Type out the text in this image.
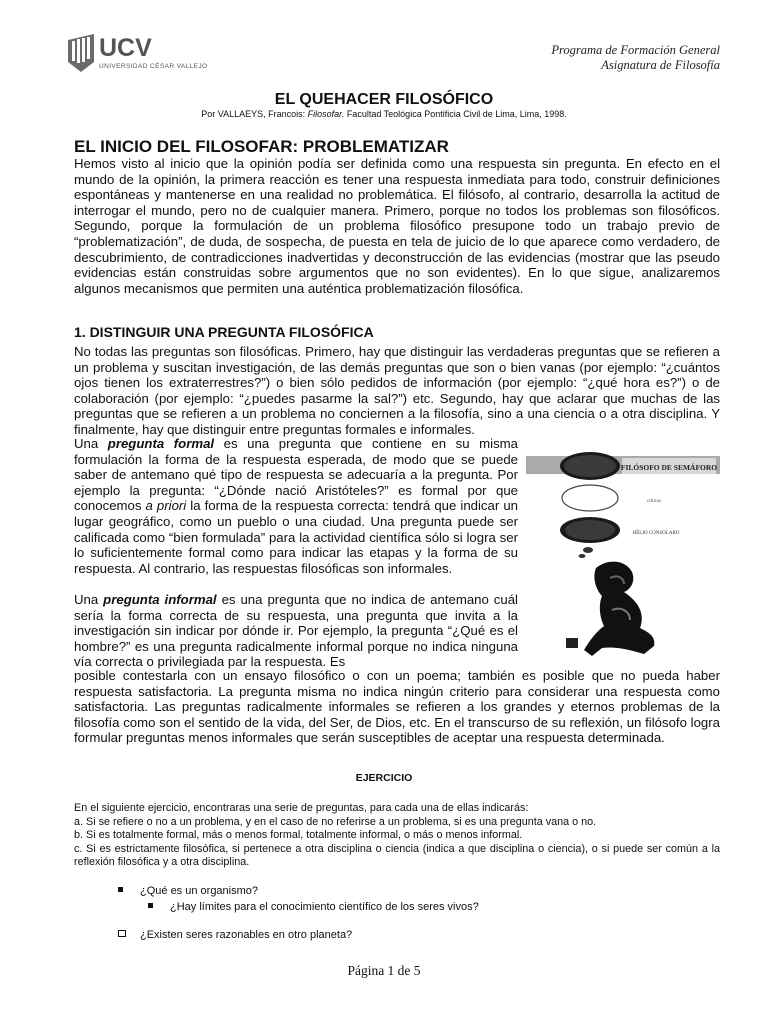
UCV
UNIVERSIDAD CÉSAR VALLEJO
Programa de Formación General
Asignatura de Filosofía
EL QUEHACER FILOSÓFICO
Por VALLAEYS, Francois: Filosofar. Facultad Teológica Pontificia Civil de Lima, Lima, 1998.
EL INICIO DEL FILOSOFAR: PROBLEMATIZAR

Hemos visto al inicio que la opinión podía ser definida como una respuesta sin pregunta. En efecto en el mundo de la opinión, la primera reacción es tener una respuesta inmediata para todo, construir definiciones espontáneas y mantenerse en una realidad no problemática. El filósofo, al contrario, desarrolla la actitud de interrogar el mundo, pero no de cualquier manera. Primero, porque no todos los problemas son filosóficos. Segundo, porque la formulación de un problema filosófico presupone todo un trabajo previo de “problematización”, de duda, de sospecha, de puesta en tela de juicio de lo que aparece como verdadero, de descubrimiento, de contradicciones inadvertidas y deconstrucción de las evidencias (mostrar que las pseudo evidencias están construidas sobre argumentos que no son evidentes). En lo que sigue, analizaremos algunos mecanismos que permiten una auténtica problematización filosófica.

1. DISTINGUIR UNA PREGUNTA FILOSÓFICA

No todas las preguntas son filosóficas. Primero, hay que distinguir las verdaderas preguntas que se refieren a un problema y suscitan investigación, de las demás preguntas que son o bien vanas (por ejemplo: “¿cuántos ojos tienen los extraterrestres?”) o bien sólo pedidos de información (por ejemplo: “¿qué hora es?”) o de colaboración (por ejemplo: “¿puedes pasarme la sal?”) etc. Segundo, hay que aclarar que muchas de las preguntas que se refieren a un problema no conciernen a la filosofía, sino a una ciencia o a otra disciplina. Y finalmente, hay que distinguir entre preguntas formales e informales.

Una pregunta formal es una pregunta que contiene en su misma formulación la forma de la respuesta esperada, de modo que se puede saber de antemano qué tipo de respuesta se adecuaría a la pregunta. Por ejemplo la pregunta: “¿Dónde nació Aristóteles?” es formal por que conocemos a priori la forma de la respuesta correcta: tendrá que indicar un lugar geográfico, como un pueblo o una ciudad. Una pregunta puede ser calificada como “bien formulada” para la actividad científica sólo si logra ser lo suficientemente formal como para indicar las etapas y la forma de su respuesta. Al contrario, las respuestas filosóficas son informales.

Una pregunta informal es una pregunta que no indica de antemano cuál sería la forma correcta de su respuesta, una pregunta que invita a la investigación sin indicar por dónde ir. Por ejemplo, la pregunta “¿Qué es el hombre?” es una pregunta radicalmente informal porque no indica ninguna vía correcta o privilegiada par la respuesta. Es

posible contestarla con un ensayo filosófico o con un poema; también es posible que no pueda haber respuesta satisfactoria. La pregunta misma no indica ningún criterio para considerar una respuesta como satisfactoria. Las preguntas radicalmente informales se refieren a los grandes y eternos problemas de la filosofía como son el sentido de la vida, del Ser, de Dios, etc. En el transcurso de su reflexión, un filósofo logra formular preguntas menos informales que serán susceptibles de aceptar una respuesta determinada.

FILÓSOFO DE SEMÁFORO
críticas
HÉLIO CONSOLARO
EJERCICIO

En el siguiente ejercicio, encontraras una serie de preguntas, para cada una de ellas indicarás:

a. Si se refiere o no a un problema, y en el caso de no referirse a un problema, si es una pregunta vana o no.

b. Si es totalmente formal, más o menos formal, totalmente informal, o más o menos informal.

c. Si es estrictamente filosófica, si pertenece a otra disciplina o ciencia (indica a que disciplina o ciencia), o si puede ser común a la reflexión filosófica y a otra disciplina.

¿Qué es un organismo?
¿Hay límites para el conocimiento científico de los seres vivos?
¿Existen seres razonables en otro planeta?
Página 1 de 5
